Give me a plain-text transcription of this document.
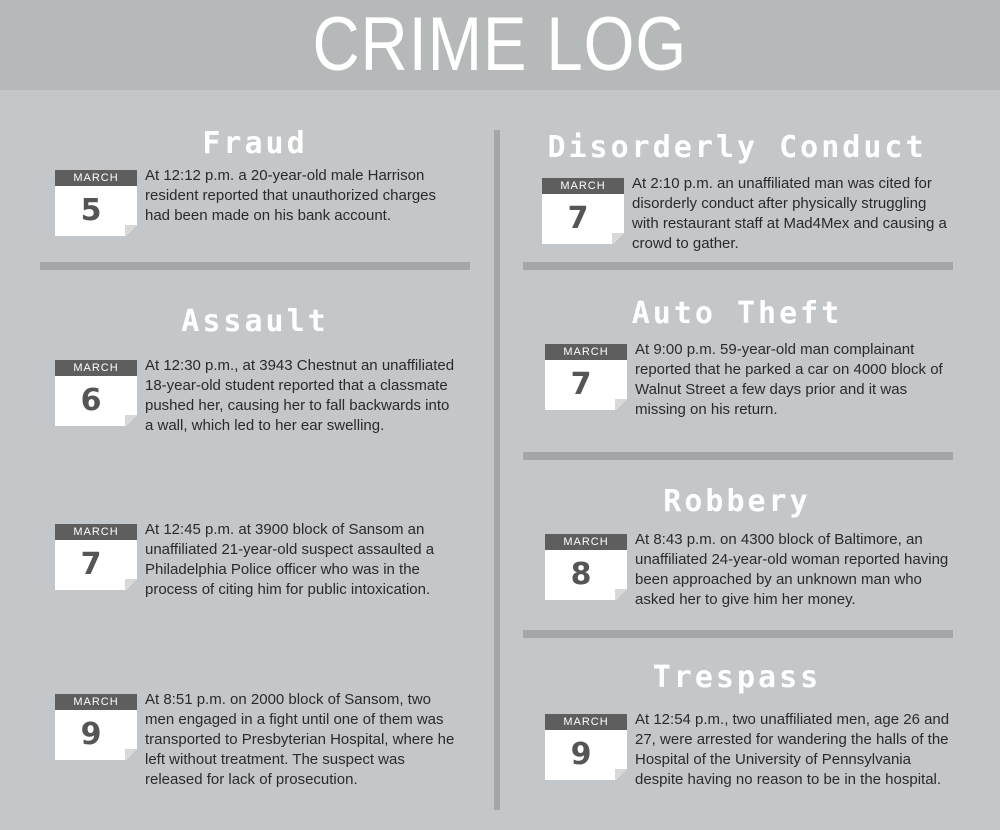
CRIME LOG
Fraud
MARCH
5

At 12:12 p.m. a 20-year-old male Harrison resident reported that unauthorized charges had been made on his bank account.

Assault
MARCH
6

At 12:30 p.m., at 3943 Chestnut an unaffiliated 18-year-old student reported that a classmate pushed her, causing her to fall backwards into a wall, which led to her ear swelling.

MARCH
7

At 12:45 p.m. at 3900 block of Sansom an unaffiliated 21-year-old suspect assaulted a Philadelphia Police officer who was in the process of citing him for public intoxication.

MARCH
9

At 8:51 p.m. on 2000 block of Sansom, two men engaged in a fight until one of them was transported to Presbyterian Hospital, where he left without treatment. The suspect was released for lack of prosecution.

Disorderly Conduct
MARCH
7

At 2:10 p.m. an unaffiliated man was cited for disorderly conduct after physically struggling with restaurant staff at Mad4Mex and causing a crowd to gather.

Auto Theft
MARCH
7

At 9:00 p.m. 59-year-old man complainant reported that he parked a car on 4000 block of Walnut Street a few days prior and it was missing on his return.

Robbery
MARCH
8

At 8:43 p.m. on 4300 block of Baltimore, an unaffiliated 24-year-old woman reported having been approached by an unknown man who asked her to give him her money.

Trespass
MARCH
9

At 12:54 p.m., two unaffiliated men, age 26 and 27, were arrested for wandering the halls of the Hospital of the University of Pennsylvania despite having no reason to be in the hospital.
